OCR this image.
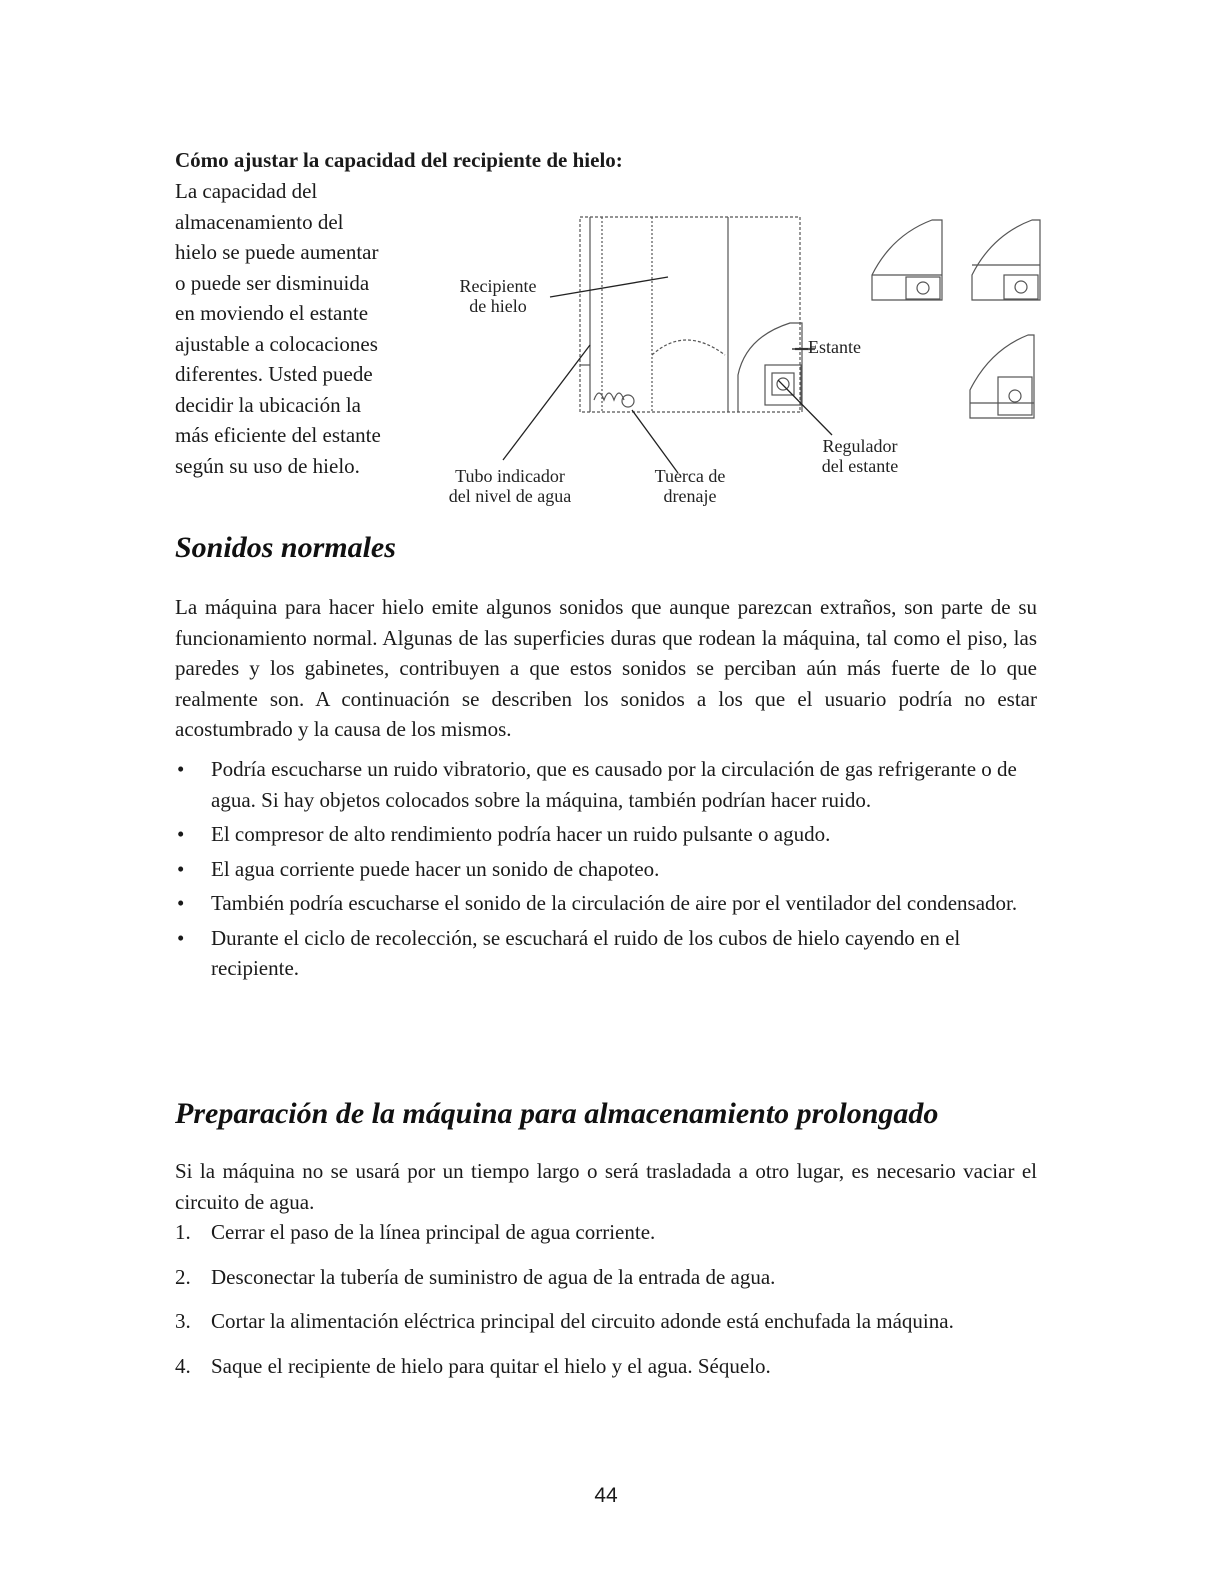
Cómo ajustar la capacidad del recipiente de hielo:

La capacidad del
almacenamiento del
hielo se puede aumentar
o puede ser disminuida
en moviendo el estante
ajustable a colocaciones
diferentes. Usted puede
decidir la ubicación la
más eficiente del estante
según su uso de hielo.

Recipiente
de hielo
Estante
Regulador
del estante
Tubo indicador
del nivel de agua
Tuerca de
drenaje
Sonidos normales

La máquina para hacer hielo emite algunos sonidos que aunque parezcan extraños, son parte de su funcionamiento normal. Algunas de las superficies duras que rodean la máquina, tal como el piso, las paredes y los gabinetes, contribuyen a que estos sonidos se perciban aún más fuerte de lo que realmente son. A continuación se describen los sonidos a los que el usuario podría no estar acostumbrado y la causa de los mismos.

• Podría escucharse un ruido vibratorio, que es causado por la circulación de gas refrigerante o de agua. Si hay objetos colocados sobre la máquina, también podrían hacer ruido.
• El compresor de alto rendimiento podría hacer un ruido pulsante o agudo.
• El agua corriente puede hacer un sonido de chapoteo.
• También podría escucharse el sonido de la circulación de aire por el ventilador del condensador.
• Durante el ciclo de recolección, se escuchará el ruido de los cubos de hielo cayendo en el recipiente.
Preparación de la máquina para almacenamiento prolongado

Si la máquina no se usará por un tiempo largo o será trasladada a otro lugar, es necesario vaciar el circuito de agua.

1. Cerrar el paso de la línea principal de agua corriente.
2. Desconectar la tubería de suministro de agua de la entrada de agua.
3. Cortar la alimentación eléctrica principal del circuito adonde está enchufada la máquina.
4. Saque el recipiente de hielo para quitar el hielo y el agua. Séquelo.
44
